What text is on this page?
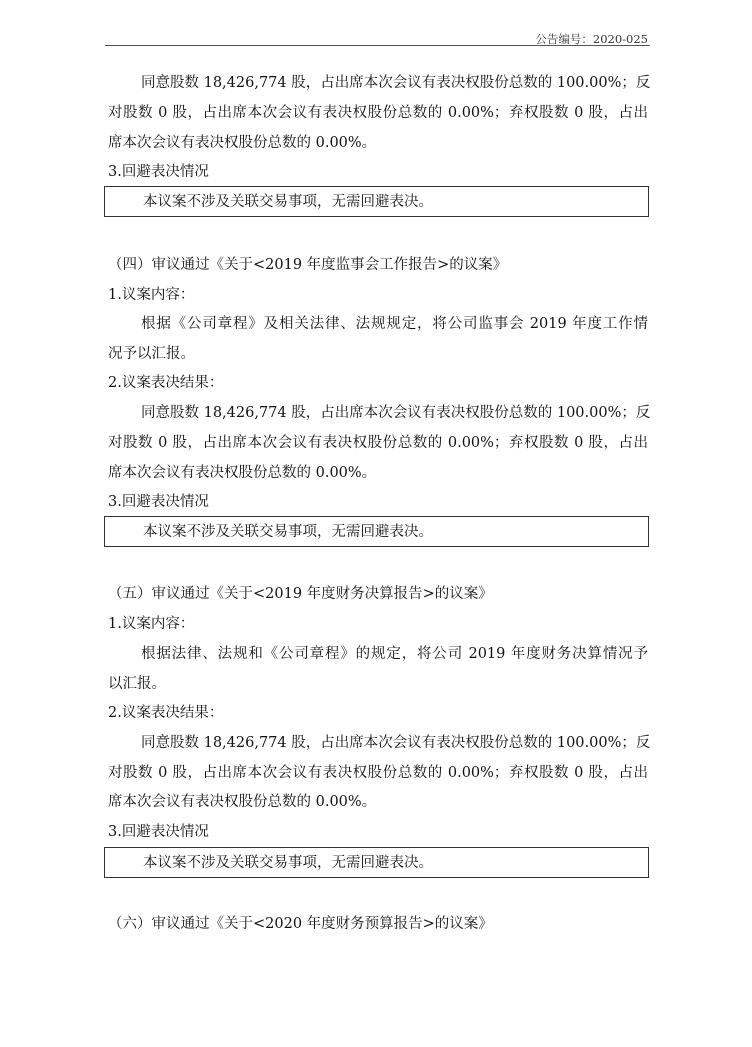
公告编号：2020-025
同意股数 18,426,774 股，占出席本次会议有表决权股份总数的 100.00%；反
对股数 0 股，占出席本次会议有表决权股份总数的 0.00%；弃权股数 0 股，占出
席本次会议有表决权股份总数的 0.00%。
3.回避表决情况
本议案不涉及关联交易事项，无需回避表决。
（四）审议通过《关于<2019 年度监事会工作报告>的议案》
1.议案内容：
根据《公司章程》及相关法律、法规规定，将公司监事会 2019 年度工作情
况予以汇报。
2.议案表决结果：
同意股数 18,426,774 股，占出席本次会议有表决权股份总数的 100.00%；反
对股数 0 股，占出席本次会议有表决权股份总数的 0.00%；弃权股数 0 股，占出
席本次会议有表决权股份总数的 0.00%。
3.回避表决情况
本议案不涉及关联交易事项，无需回避表决。
（五）审议通过《关于<2019 年度财务决算报告>的议案》
1.议案内容：
根据法律、法规和《公司章程》的规定，将公司 2019 年度财务决算情况予
以汇报。
2.议案表决结果：
同意股数 18,426,774 股，占出席本次会议有表决权股份总数的 100.00%；反
对股数 0 股，占出席本次会议有表决权股份总数的 0.00%；弃权股数 0 股，占出
席本次会议有表决权股份总数的 0.00%。
3.回避表决情况
本议案不涉及关联交易事项，无需回避表决。
（六）审议通过《关于<2020 年度财务预算报告>的议案》
